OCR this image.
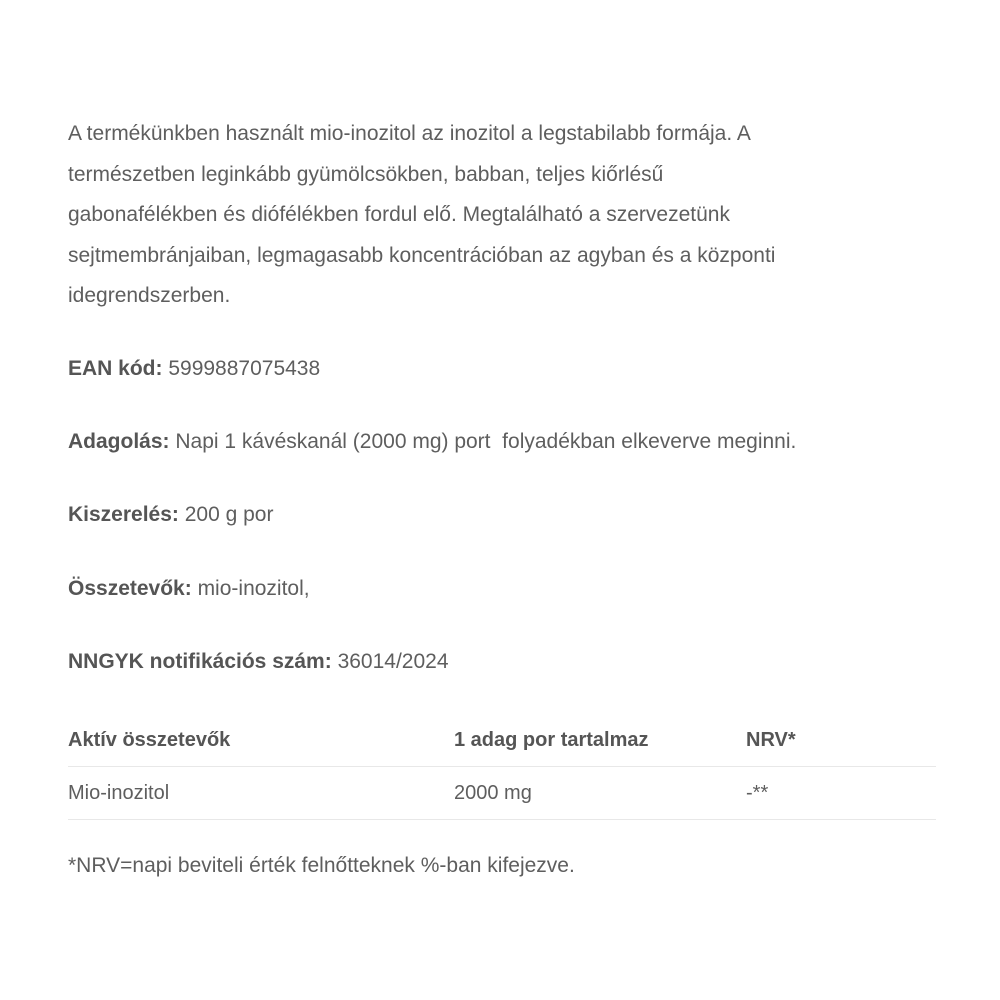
A termékünkben használt mio-inozitol az inozitol a legstabilabb formája. A
természetben leginkább gyümölcsökben, babban, teljes kiőrlésű
gabonafélékben és diófélékben fordul elő. Megtalálható a szervezetünk
sejtmembránjaiban, legmagasabb koncentrációban az agyban és a központi
idegrendszerben.

EAN kód: 5999887075438

Adagolás: Napi 1 kávéskanál (2000 mg) port  folyadékban elkeverve meginni.

Kiszerelés: 200 g por

Összetevők: mio-inozitol,

NNGYK notifikációs szám: 36014/2024

Aktív összetevők	1 adag por tartalmaz	NRV*
Mio-inozitol	2000 mg	-**

*NRV=napi beviteli érték felnőtteknek %-ban kifejezve.
